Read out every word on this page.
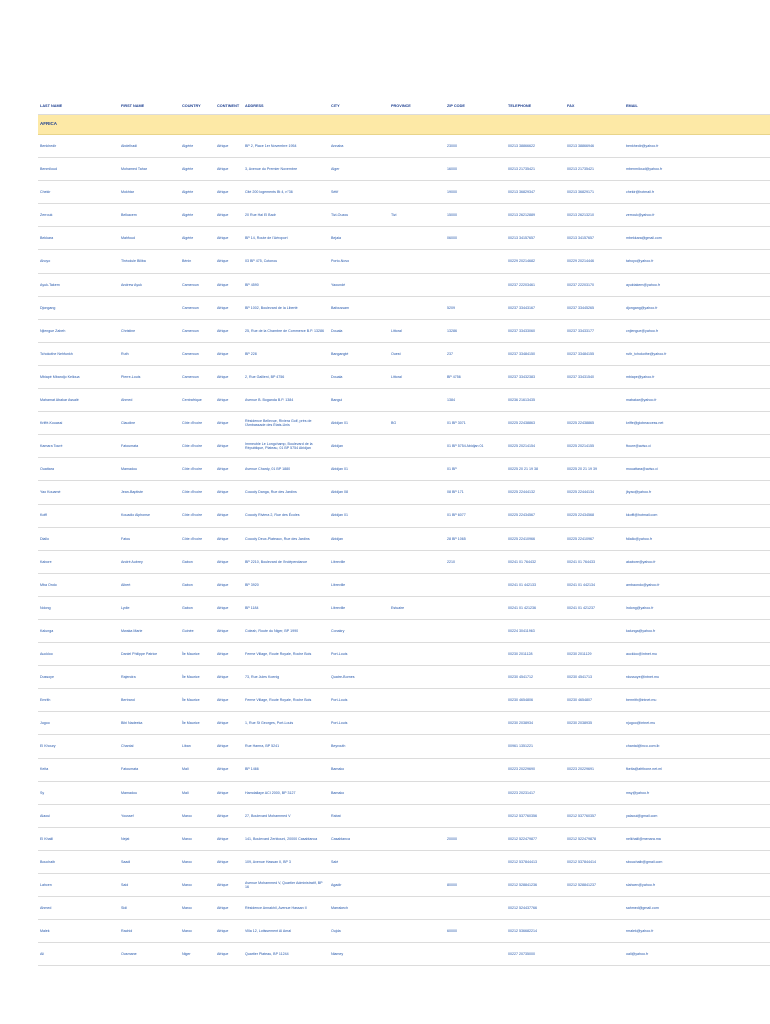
LAST NAME	FIRST NAME	COUNTRY	CONTINENT	ADDRESS	CITY	PROVINCE	ZIP CODE	TELEPHONE	FAX	EMAIL
AFRICA										
Benkhedir	Abdelhadi	Algérie	Afrique	BP 2, Place 1er Novembre 1954	Annaba		23000	00213 38866622	00213 38866946	benkhedir@yahoo.fr
Benmiloud	Mohamed Tahar	Algérie	Afrique	3, Avenue du Premier Novembre	Alger		16000	00213 21735421	00213 21735421	mbenmiloud@yahoo.fr
Chekir	Mokhtar	Algérie	Afrique	Cité 200 logements Bt 4, n°36	Sétif		19000	00213 36829347	00213 36829171	chekir@hotmail.fr
Zerrouk	Belkacem	Algérie	Afrique	20 Rue Hai El Badr	Tizi-Ouzou	Tizi	15000	00213 26212889	00213 26213210	zerrouk@yahoo.fr
Bekkara	Mahfoud	Algérie	Afrique	BP 14, Route de l'Aéroport	Bejaia		06000	00213 34157657	00213 34157657	mbekkara@gmail.com
Ahoyo	Théodule Biliba	Bénin	Afrique	03 BP 475, Cotonou	Porto-Novo			00229 20214682	00229 20214446	tahoyo@yahoo.fr
Ayuk-Takem	Andrew Ayuk	Cameroun	Afrique	BP 4590	Yaoundé			00237 22203461	00237 22203170	ayuktakem@yahoo.fr
Djongang		Cameroun	Afrique	BP 1002, Boulevard de la Liberté	Bafoussam		5209	00237 33443167	00237 33445265	djongang@yahoo.fr
Njiengue Zabeh	Christine	Cameroun	Afrique	25, Rue de la Chambre de Commerce B.P. 13286	Douala	Littoral	13286	00237 33433060	00237 33433177	cnjiengue@yahoo.fr
Tchokothe Nehfunkh	Ruth	Cameroun	Afrique	BP 228	Bangangté	Ouest	237	00237 33484150	00237 33484155	ruth_tchokothe@yahoo.fr
Mbiapé Mbandjo Kelloua	Pierre-Louis	Cameroun	Afrique	2, Rue Gallieni, BP 4756	Douala	Littoral	BP 4756	00237 33432383	00237 33431540	mbiape@yahoo.fr
Mahamat Abakar Assalé	Ahmed	Centrafrique	Afrique	Avenue B. Boganda B.P. 1384	Bangui		1384	00236 21613435		mabakar@yahoo.fr
Kriffé-Kouassi	Claudine	Côte d'Ivoire	Afrique	Résidence Bellevue, Riviera Golf, près de l'Ambassade des États-Unis	Abidjan 01	BG	01 BP 3071	00225 22438863	00225 22438865	kriffe@globeaccess.net
Kamara Touré	Fatoumata	Côte d'Ivoire	Afrique	Immeuble Le Longchamp, Boulevard de la République, Plateau, 01 BP 5754 Abidjan	Abidjan		01 BP 5754 Abidjan 01	00225 20214154	00225 20214155	ftoure@aviso.ci
Ouattara	Mamadou	Côte d'Ivoire	Afrique	Avenue Chardy, 01 BP 1880	Abidjan 01		01 BP	00225 20 21 19 38	00225 20 21 19 39	mouattara@aviso.ci
Yao Kouamé	Jean-Baptiste	Côte d'Ivoire	Afrique	Cocody Danga, Rue des Jardins	Abidjan 08		08 BP 171	00225 22444132	00225 22444134	jbyao@yahoo.fr
Koffi	Kouadio Alphonse	Côte d'Ivoire	Afrique	Cocody Riviera 2, Rue des Écoles	Abidjan 01		01 BP 6077	00225 22434567	00225 22434568	kkoffi@hotmail.com
Diallo	Fatou	Côte d'Ivoire	Afrique	Cocody Deux-Plateaux, Rue des Jardins	Abidjan		28 BP 1065	00225 22410966	00225 22410967	fdiallo@yahoo.fr
Kabore	André Aubrey	Gabon	Afrique	BP 2210, Boulevard de l'Indépendance	Libreville		2210	00241 01 764432	00241 01 764433	akabore@yahoo.fr
Mba Ondo	Albert	Gabon	Afrique	BP 3920	Libreville			00241 01 442133	00241 01 442134	ambaondo@yahoo.fr
Ndong	Lydie	Gabon	Afrique	BP 1184	Libreville	Estuaire		00241 01 421236	00241 01 421237	lndong@yahoo.fr
Kalunga	Mwaka Marie	Guinée	Afrique	Coleah, Route du Niger, BP 1990	Conakry			00224 30411963		kalunga@yahoo.fr
Auckloo	Daniel Philippe Patrice	Île Maurice	Afrique	Ferme Village, Route Royale, Roche Bois	Port-Louis			00230 2011128	00230 2011129	auckloo@intnet.mu
Dussoye	Rajendra	Île Maurice	Afrique	73, Rue Jules Koenig	Quatre-Bornes			00230 4541712	00230 4541713	rdussoye@intnet.mu
Emrith	Bertrand	Île Maurice	Afrique	Ferme Village, Route Royale, Roche Bois	Port-Louis			00230 4654806	00230 4654807	bemrith@intnet.mu
Jugoo	Bibi Nadeeka	Île Maurice	Afrique	1, Rue St Georges, Port-Louis	Port-Louis			00230 2038934	00230 2038935	njugoo@intnet.mu
El Khoury	Chantal	Liban	Afrique	Rue Hamra, BP 5241	Beyrouth			00961 1351221		chantal@inco.com.lb
Keita	Fatoumata	Mali	Afrique	BP 1466	Bamako			00223 20229690	00223 20229691	fkeita@afribone.net.ml
Sy	Mamadou	Mali	Afrique	Hamdallaye ACI 2000, BP 3127	Bamako			00223 20231417		msy@yahoo.fr
Alaoui	Youssef	Maroc	Afrique	27, Boulevard Mohammed V	Rabat			00212 537760356	00212 537760357	yalaoui@gmail.com
El Khalil	Nejat	Maroc	Afrique	141, Boulevard Zerktouni, 20000 Casablanca	Casablanca		20000	00212 522479877	00212 522479878	nelkhalil@menara.ma
Bouchaib	Saadi	Maroc	Afrique	109, Avenue Hassan II, BP 3	Salé			00212 537844413	00212 537844414	sbouchaib@gmail.com
Lahcen	Said	Maroc	Afrique	Avenue Mohammed V, Quartier Administratif, BP 16	Agadir		80000	00212 528841236	00212 528841237	slahcen@yahoo.fr
Ahmed	Sidi	Maroc	Afrique	Résidence Annakhil, Avenue Hassan II	Marrakech			00212 524437766		sahmed@gmail.com
Malek	Rachid	Maroc	Afrique	Villa 12, Lotissement Al Amal	Oujda		60000	00212 536682214		rmalek@yahoo.fr
Ali	Ousmane	Niger	Afrique	Quartier Plateau, BP 11244	Niamey			00227 20735000		oali@yahoo.fr
